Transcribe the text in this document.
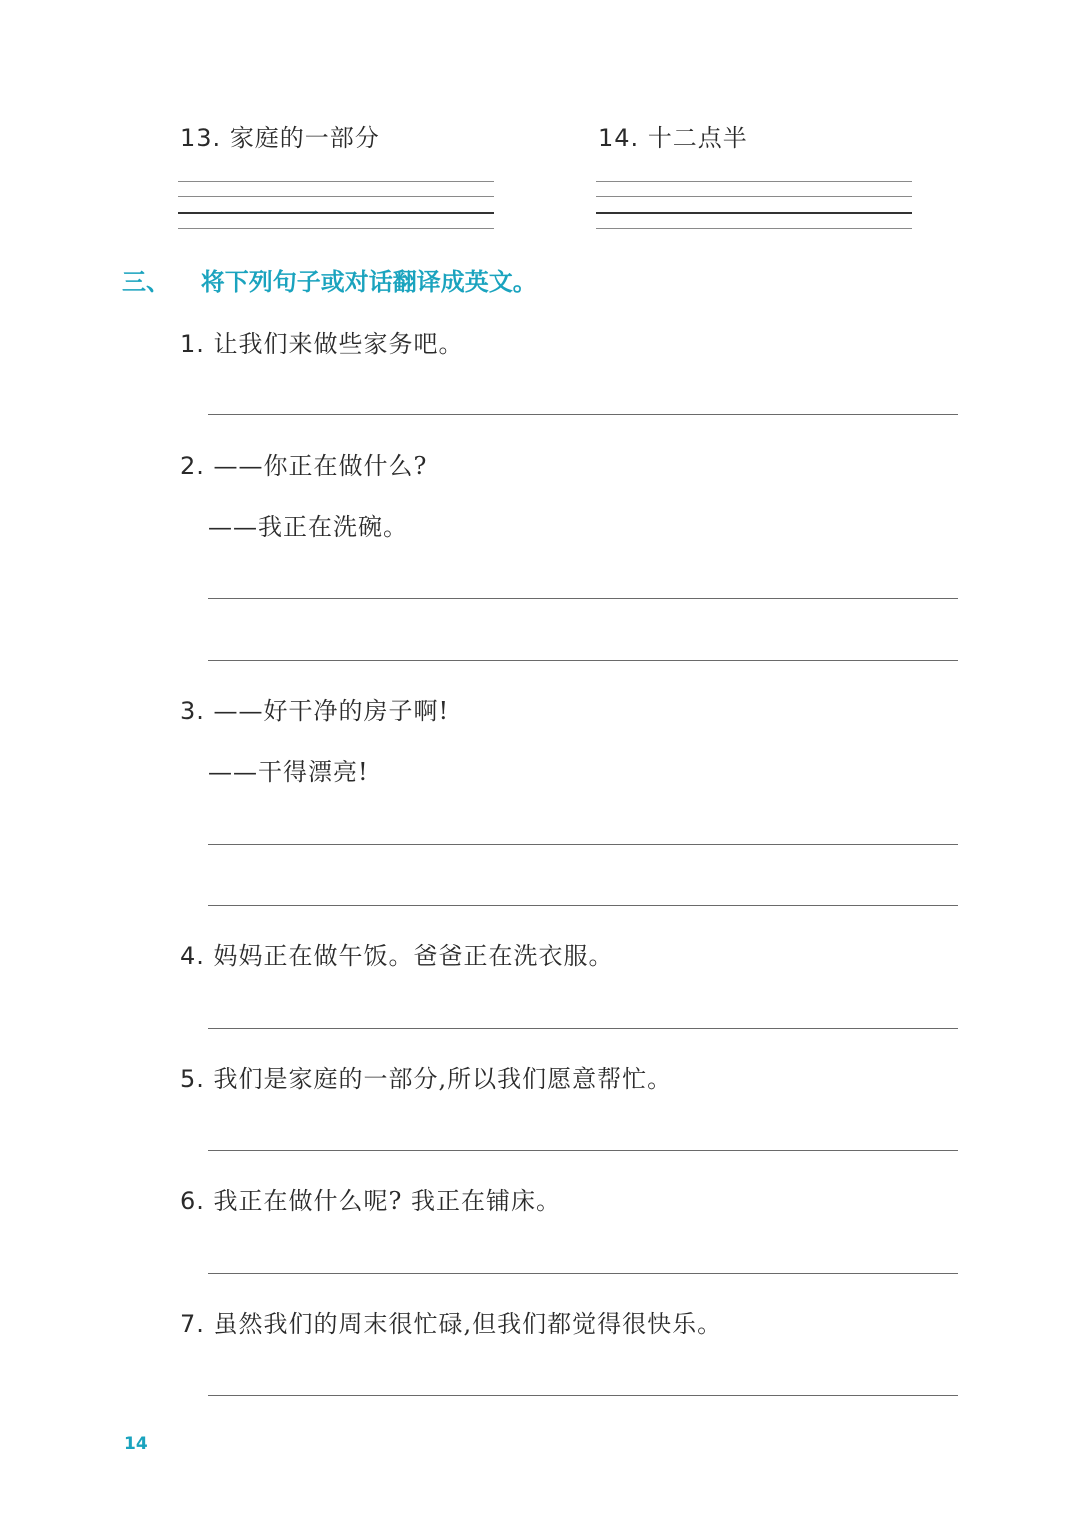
13. 家庭的一部分	14. 十二点半
三、 将下列句子或对话翻译成英文。
1. 让我们来做些家务吧。
2. ——你正在做什么?
——我正在洗碗。
3. ——好干净的房子啊!
——干得漂亮!
4. 妈妈正在做午饭。爸爸正在洗衣服。
5. 我们是家庭的一部分,所以我们愿意帮忙。
6. 我正在做什么呢? 我正在铺床。
7. 虽然我们的周末很忙碌,但我们都觉得很快乐。
14
